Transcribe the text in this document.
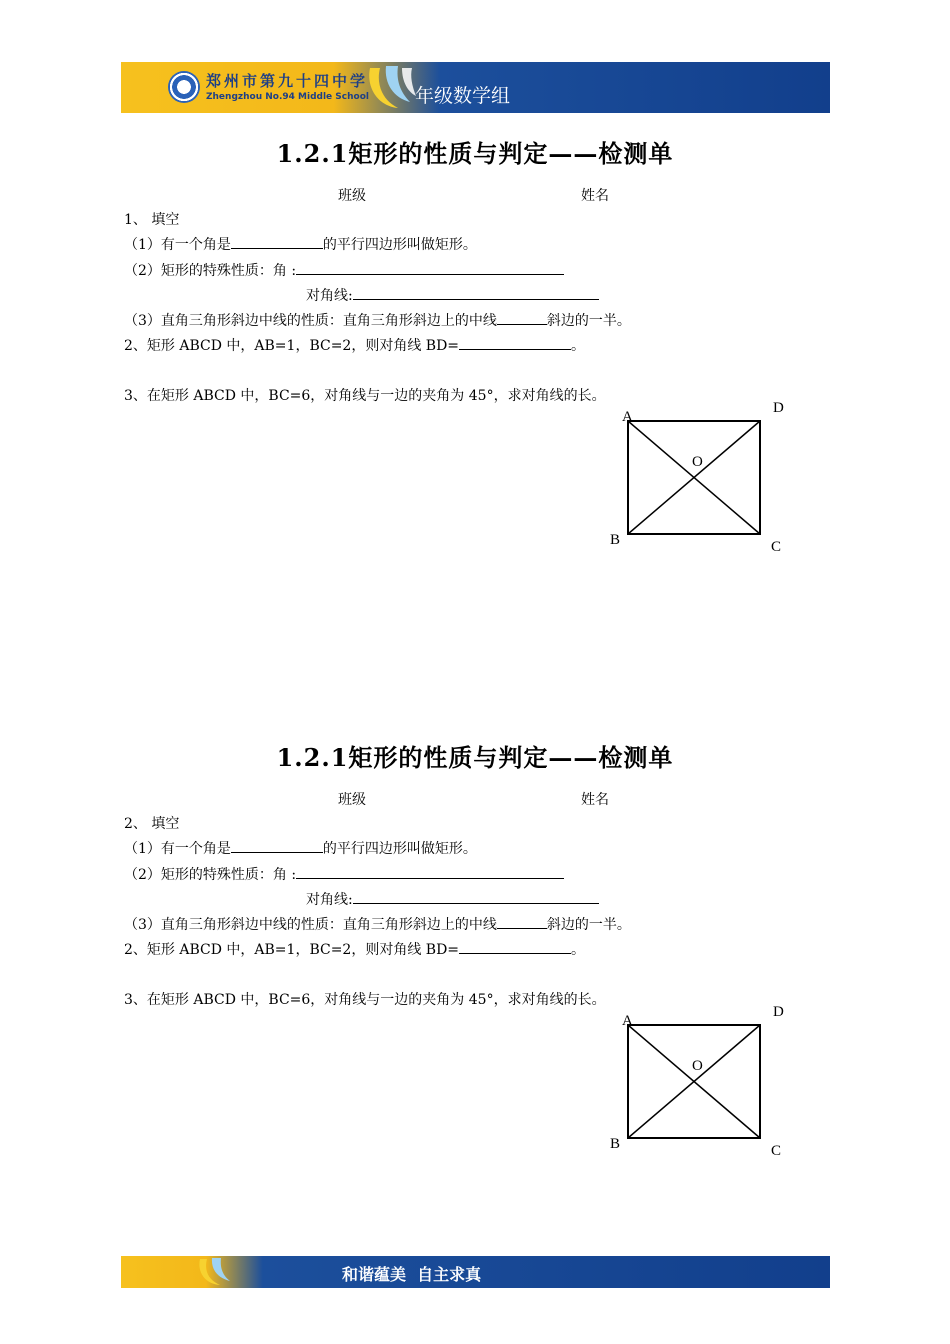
郑州市第九十四中学
Zhengzhou No.94 Middle School 年级数学组
1.2.1矩形的性质与判定——检测单
班级	姓名
1、 填空
（1）有一个角是	的平行四边形叫做矩形。
（2）矩形的特殊性质：角 :
对角线:
（3）直角三角形斜边中线的性质：直角三角形斜边上的中线	斜边的一半。
2、矩形 ABCD 中，AB=1，BC=2，则对角线 BD=	。
3、在矩形 ABCD 中，BC=6，对角线与一边的夹角为 45°，求对角线的长。
A
D
O
B	C
1.2.1矩形的性质与判定——检测单
班级	姓名
2、 填空
（1）有一个角是	的平行四边形叫做矩形。
（2）矩形的特殊性质：角 :
对角线:
（3）直角三角形斜边中线的性质：直角三角形斜边上的中线	斜边的一半。
2、矩形 ABCD 中，AB=1，BC=2，则对角线 BD=	。
3、在矩形 ABCD 中，BC=6，对角线与一边的夹角为 45°，求对角线的长。
A
D
O
B	C
和谐蕴美  自主求真
